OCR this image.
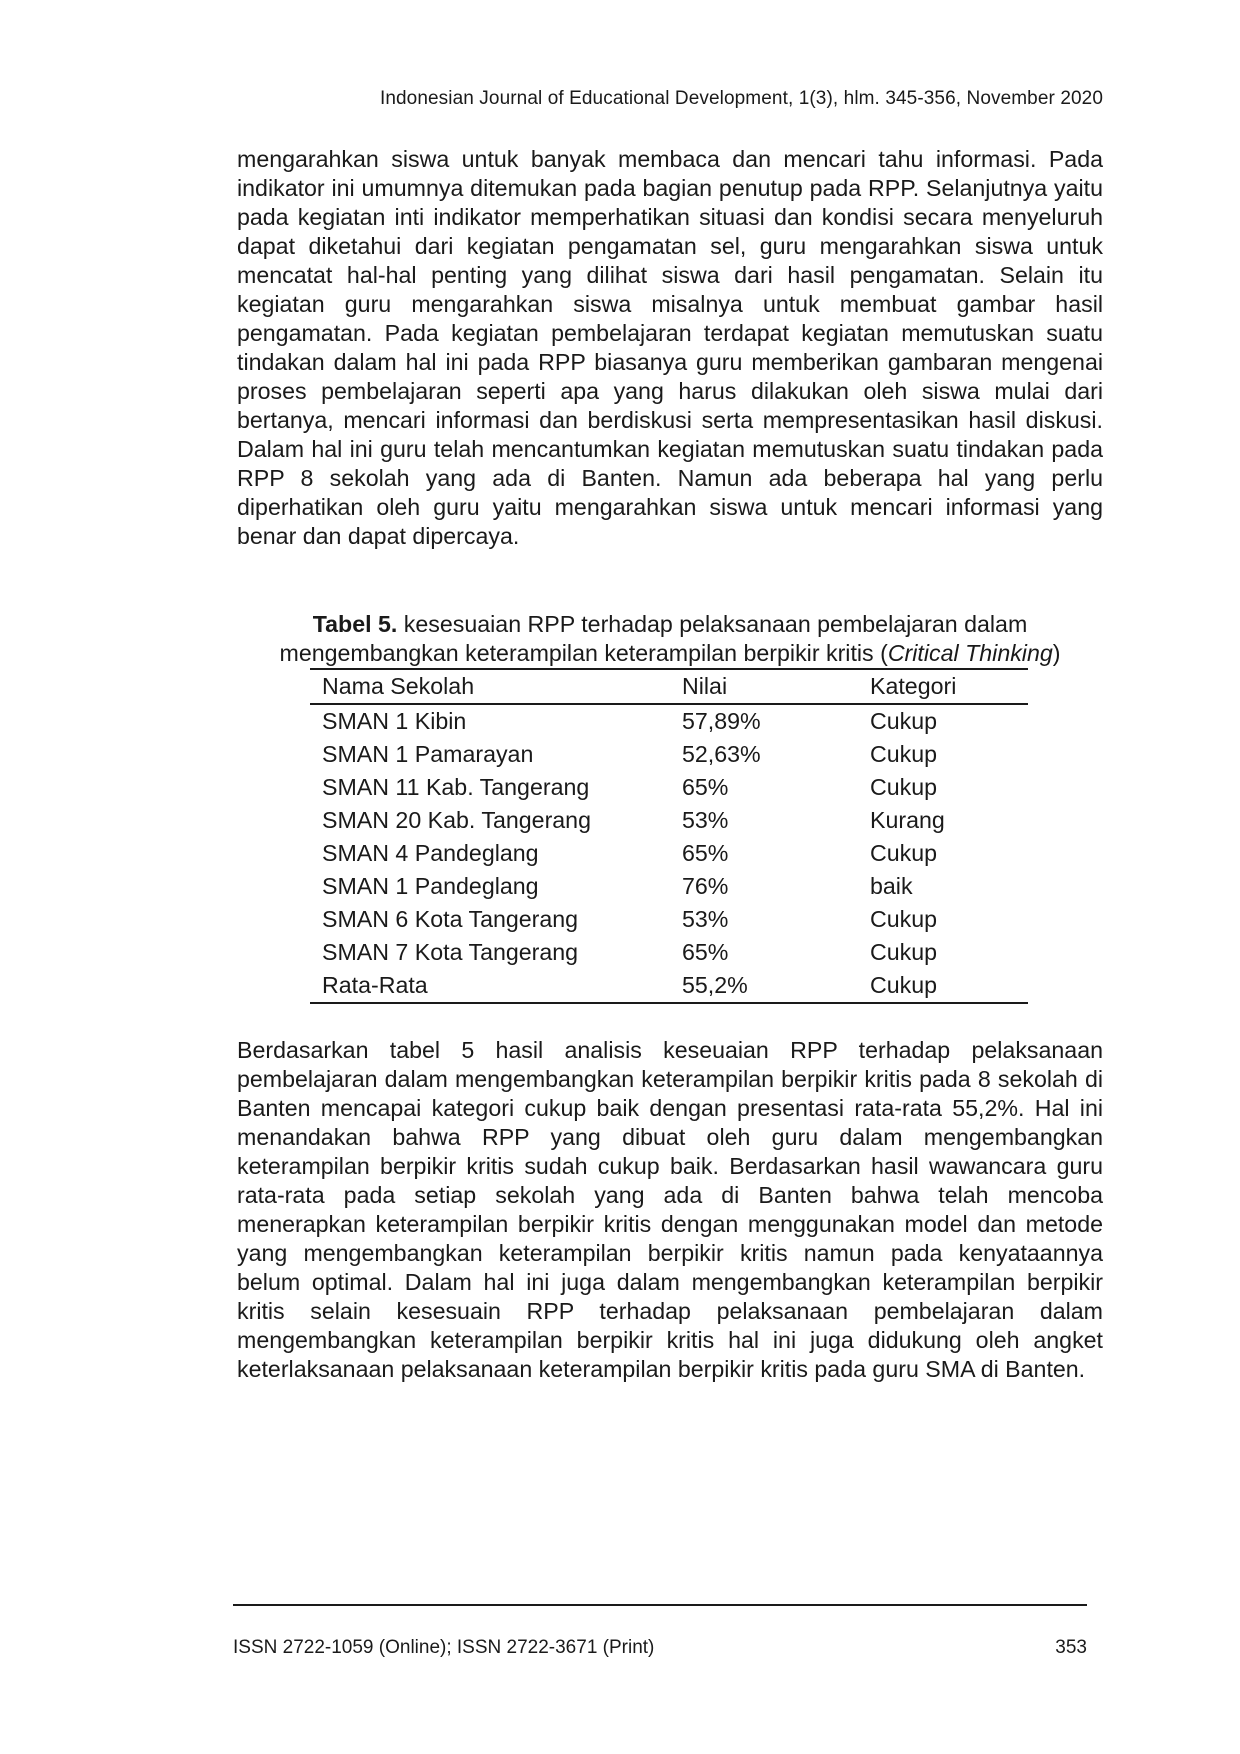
Indonesian Journal of Educational Development, 1(3), hlm. 345-356, November 2020

mengarahkan siswa untuk banyak membaca dan mencari tahu informasi. Pada indikator ini umumnya ditemukan pada bagian penutup pada RPP. Selanjutnya yaitu pada kegiatan inti indikator memperhatikan situasi dan kondisi secara menyeluruh dapat diketahui dari kegiatan pengamatan sel, guru mengarahkan siswa untuk mencatat hal-hal penting yang dilihat siswa dari hasil pengamatan. Selain itu kegiatan guru mengarahkan siswa misalnya untuk membuat gambar hasil pengamatan. Pada kegiatan pembelajaran terdapat kegiatan memutuskan suatu tindakan dalam hal ini pada RPP biasanya guru memberikan gambaran mengenai proses pembelajaran seperti apa yang harus dilakukan oleh siswa mulai dari bertanya, mencari informasi dan berdiskusi serta mempresentasikan hasil diskusi. Dalam hal ini guru telah mencantumkan kegiatan memutuskan suatu tindakan pada RPP 8 sekolah yang ada di Banten. Namun ada beberapa hal yang perlu diperhatikan oleh guru yaitu mengarahkan siswa untuk mencari informasi yang benar dan dapat dipercaya.

Tabel 5. kesesuaian RPP terhadap pelaksanaan pembelajaran dalam mengembangkan keterampilan keterampilan berpikir kritis (Critical Thinking)
Nama Sekolah	Nilai	Kategori
SMAN 1 Kibin	57,89%	Cukup
SMAN 1 Pamarayan	52,63%	Cukup
SMAN 11 Kab. Tangerang	65%	Cukup
SMAN 20 Kab. Tangerang	53%	Kurang
SMAN 4 Pandeglang	65%	Cukup
SMAN 1 Pandeglang	76%	baik
SMAN 6 Kota Tangerang	53%	Cukup
SMAN 7 Kota Tangerang	65%	Cukup
Rata-Rata	55,2%	Cukup

Berdasarkan tabel 5 hasil analisis keseuaian RPP terhadap pelaksanaan pembelajaran dalam mengembangkan keterampilan berpikir kritis pada 8 sekolah di Banten mencapai kategori cukup baik dengan presentasi rata-rata 55,2%. Hal ini menandakan bahwa RPP yang dibuat oleh guru dalam mengembangkan keterampilan berpikir kritis sudah cukup baik. Berdasarkan hasil wawancara guru rata-rata pada setiap sekolah yang ada di Banten bahwa telah mencoba menerapkan keterampilan berpikir kritis dengan menggunakan model dan metode yang mengembangkan keterampilan berpikir kritis namun pada kenyataannya belum optimal. Dalam hal ini juga dalam mengembangkan keterampilan berpikir kritis selain kesesuain RPP terhadap pelaksanaan pembelajaran dalam mengembangkan keterampilan berpikir kritis hal ini juga didukung oleh angket keterlaksanaan pelaksanaan keterampilan berpikir kritis pada guru SMA di Banten.

ISSN 2722-1059 (Online); ISSN 2722-3671 (Print)	353
